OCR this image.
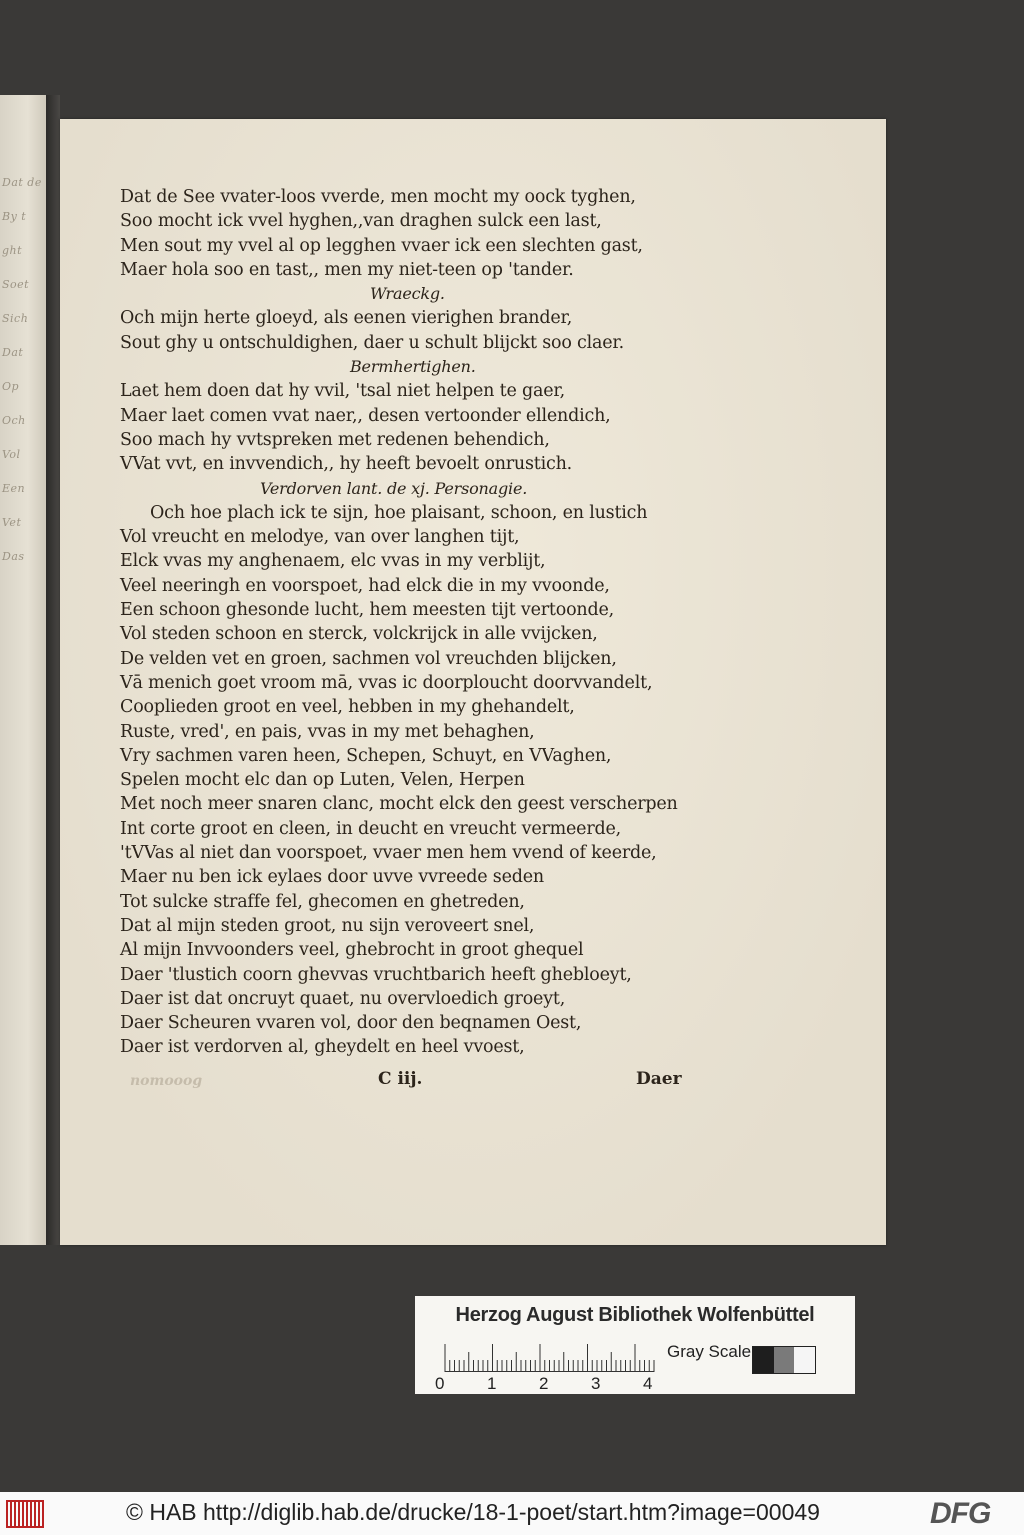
Dat de
By t
ght
Soet
Sich
Dat
Op
Och
Vol
Een
Vet
Das
Dat de See vvater-loos vverde, men mocht my oock tyghen,
Soo mocht ick vvel hyghen,,van draghen sulck een last,
Men sout my vvel al op legghen vvaer ick een slechten gast,
Maer hola soo en tast,, men my niet-teen op 'tander.
Wraeckg.
Och mijn herte gloeyd, als eenen vierighen brander,
Sout ghy u ontschuldighen, daer u schult blijckt soo claer.
Bermhertighen.
Laet hem doen dat hy vvil, 'tsal niet helpen te gaer,
Maer laet comen vvat naer,, desen vertoonder ellendich,
Soo mach hy vvtspreken met redenen behendich,
VVat vvt, en invvendich,, hy heeft bevoelt onrustich.
Verdorven lant. de xj. Personagie.
Och hoe plach ick te sijn, hoe plaisant, schoon, en lustich
Vol vreucht en melodye, van over langhen tijt,
Elck vvas my anghenaem, elc vvas in my verblijt,
Veel neeringh en voorspoet, had elck die in my vvoonde,
Een schoon ghesonde lucht, hem meesten tijt vertoonde,
Vol steden schoon en sterck, volckrijck in alle vvijcken,
De velden vet en groen, sachmen vol vreuchden blijcken,
Vā menich goet vroom mā, vvas ic doorploucht doorvvandelt,
Cooplieden groot en veel, hebben in my ghehandelt,
Ruste, vred', en pais, vvas in my met behaghen,
Vry sachmen varen heen, Schepen, Schuyt, en VVaghen,
Spelen mocht elc dan op Luten, Velen, Herpen
Met noch meer snaren clanc, mocht elck den geest verscherpen
Int corte groot en cleen, in deucht en vreucht vermeerde,
'tVVas al niet dan voorspoet, vvaer men hem vvend of keerde,
Maer nu ben ick eylaes door uvve vvreede seden
Tot sulcke straffe fel, ghecomen en ghetreden,
Dat al mijn steden groot, nu sijn veroveert snel,
Al mijn Invvoonders veel, ghebrocht in groot ghequel
Daer 'tlustich coorn ghevvas vruchtbarich heeft ghebloeyt,
Daer ist dat oncruyt quaet, nu overvloedich groeyt,
Daer Scheuren vvaren vol, door den beqnamen Oest,
Daer ist verdorven al, gheydelt en heel vvoest,
nomooog	C iij.	Daer
Herzog August Bibliothek Wolfenbüttel
0	1	2	3	4
Gray Scale
© HAB http://diglib.hab.de/drucke/18-1-poet/start.htm?image=00049	DFG
